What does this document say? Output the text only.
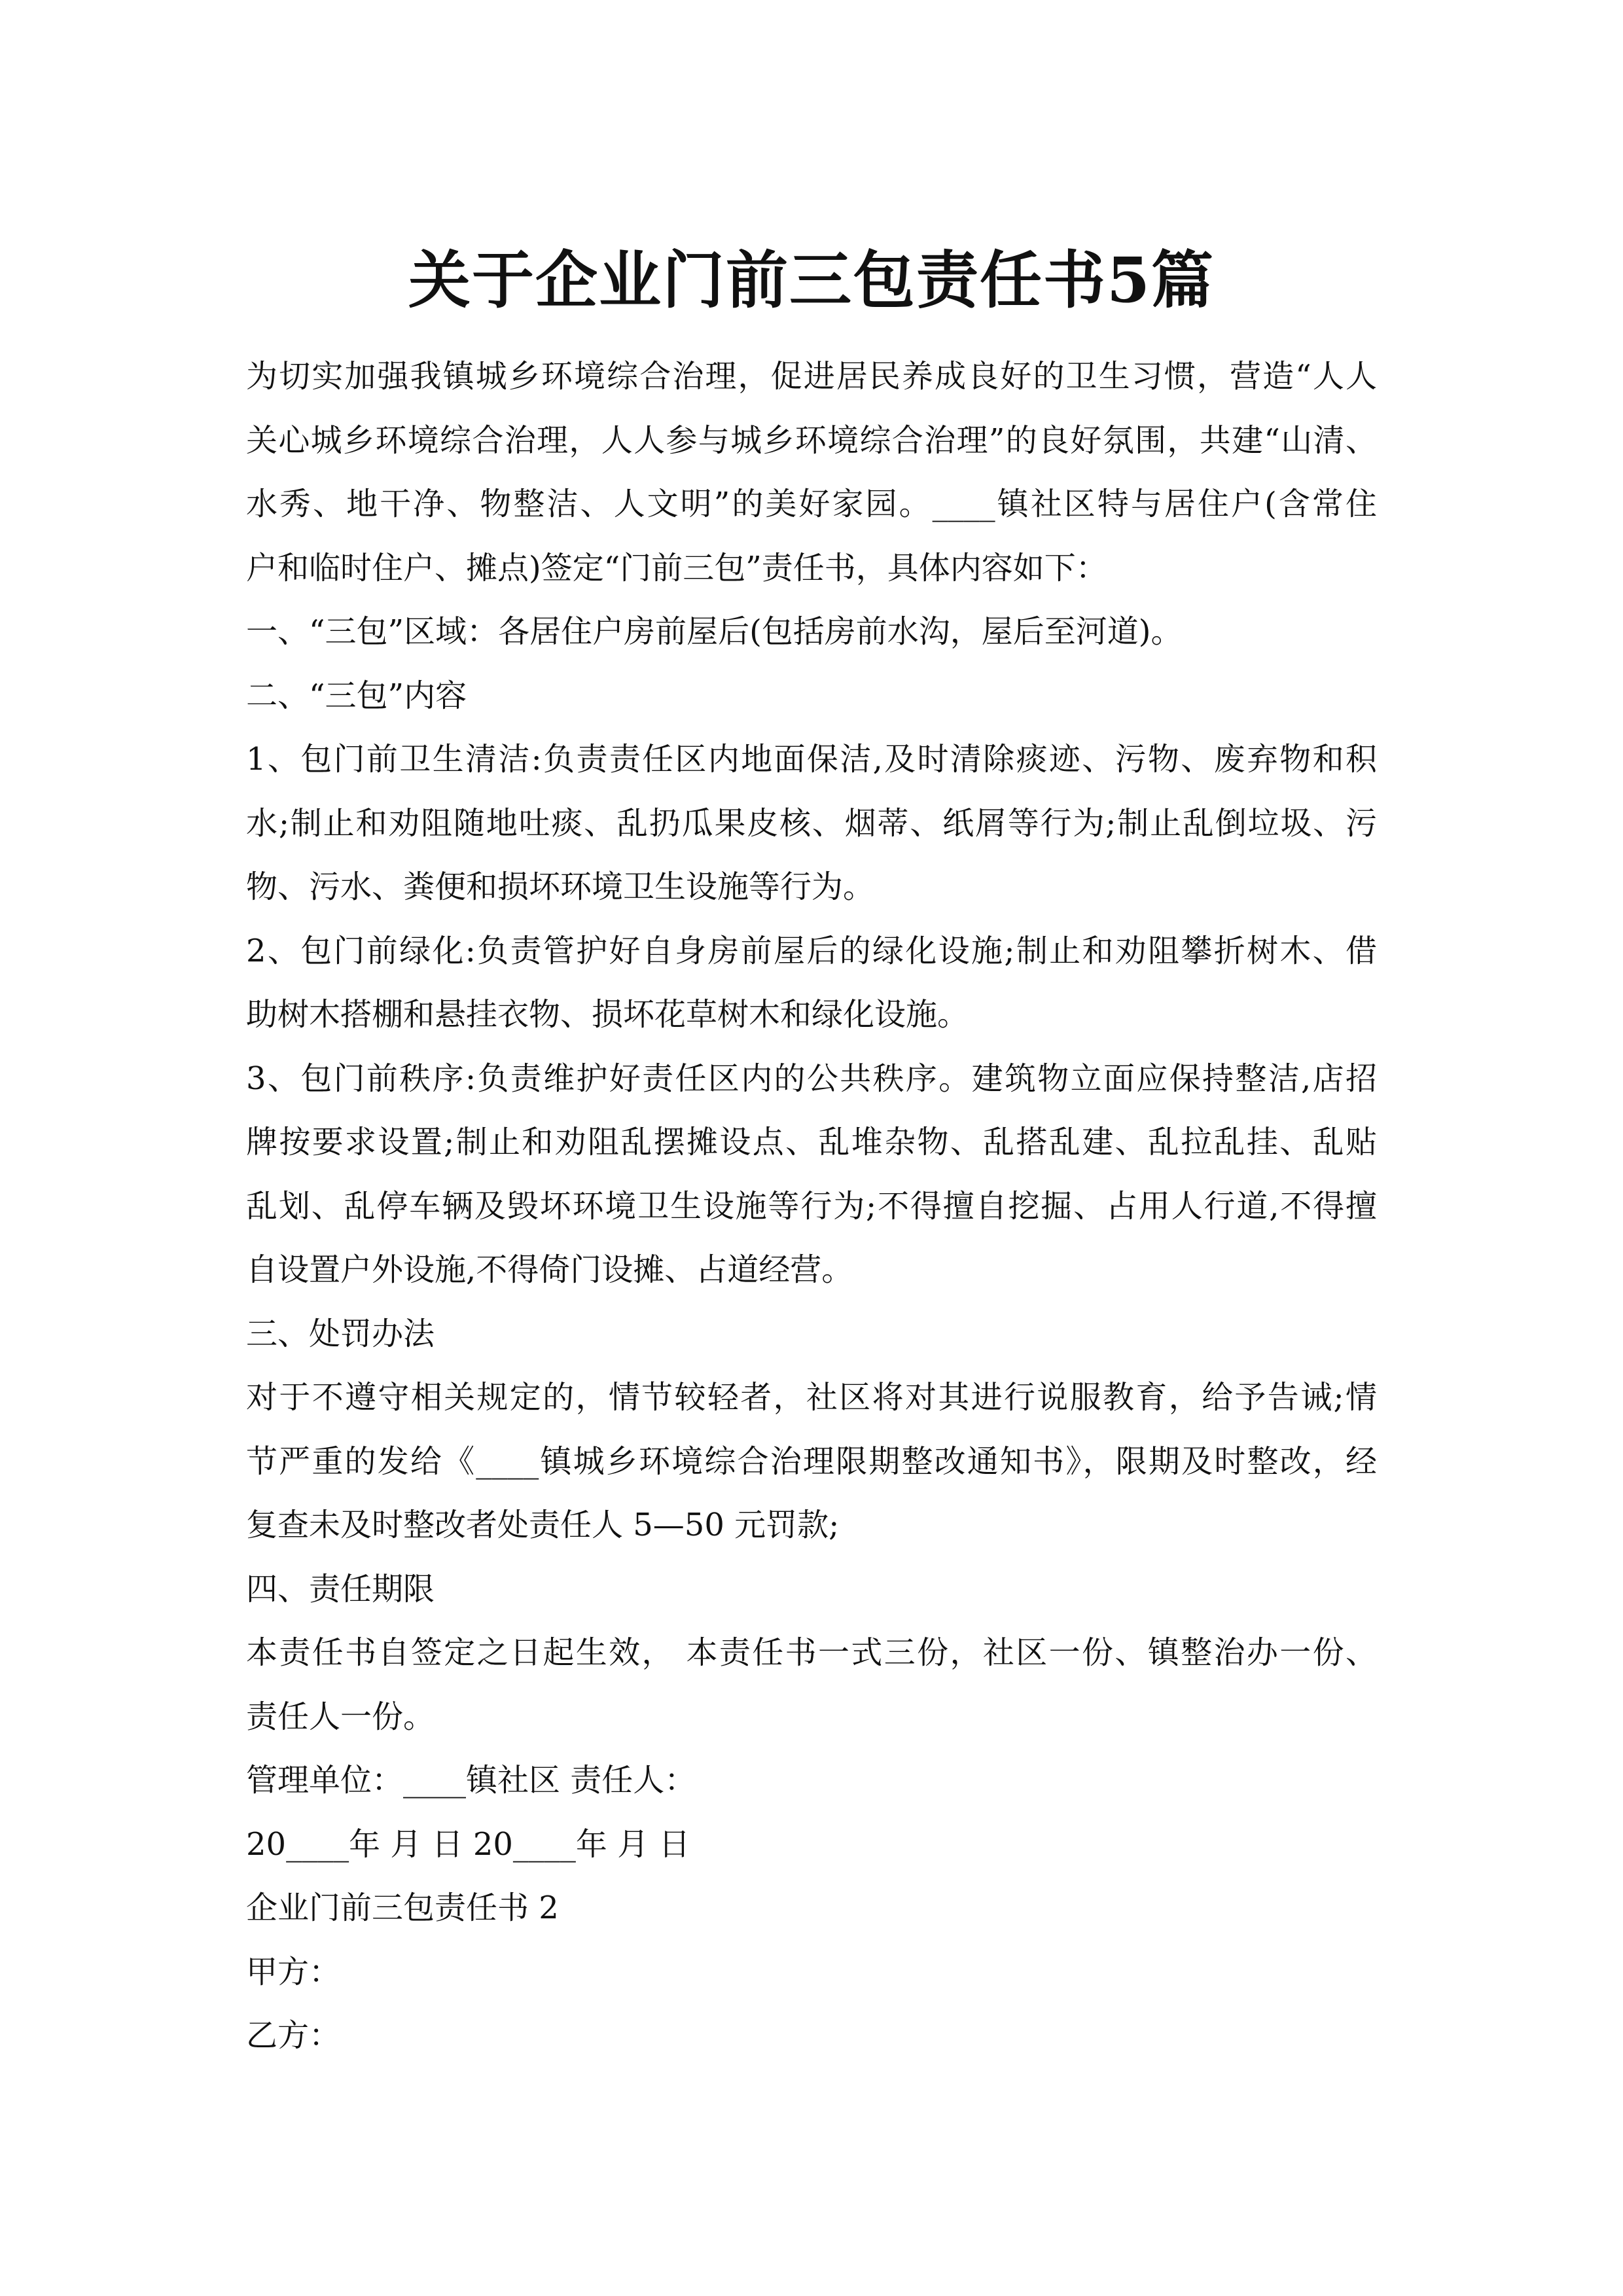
关于企业门前三包责任书5篇
为切实加强我镇城乡环境综合治理，促进居民养成良好的卫生习惯，营造“人人
关心城乡环境综合治理，人人参与城乡环境综合治理”的良好氛围，共建“山清、
水秀、地干净、物整洁、人文明”的美好家园。____镇社区特与居住户(含常住
户和临时住户、摊点)签定“门前三包”责任书，具体内容如下：
一、“三包”区域：各居住户房前屋后(包括房前水沟，屋后至河道)。
二、“三包”内容
1、包门前卫生清洁:负责责任区内地面保洁,及时清除痰迹、污物、废弃物和积
水;制止和劝阻随地吐痰、乱扔瓜果皮核、烟蒂、纸屑等行为;制止乱倒垃圾、污
物、污水、粪便和损坏环境卫生设施等行为。
2、包门前绿化:负责管护好自身房前屋后的绿化设施;制止和劝阻攀折树木、借
助树木搭棚和悬挂衣物、损坏花草树木和绿化设施。
3、包门前秩序:负责维护好责任区内的公共秩序。建筑物立面应保持整洁,店招
牌按要求设置;制止和劝阻乱摆摊设点、乱堆杂物、乱搭乱建、乱拉乱挂、乱贴
乱划、乱停车辆及毁坏环境卫生设施等行为;不得擅自挖掘、占用人行道,不得擅
自设置户外设施,不得倚门设摊、占道经营。
三、处罚办法
对于不遵守相关规定的，情节较轻者，社区将对其进行说服教育，给予告诫;情
节严重的发给《____镇城乡环境综合治理限期整改通知书》，限期及时整改，经
复查未及时整改者处责任人 5—50 元罚款;
四、责任期限
本责任书自签定之日起生效， 本责任书一式三份，社区一份、镇整治办一份、
责任人一份。
管理单位：____镇社区 责任人：
20____年 月 日 20____年 月 日
企业门前三包责任书 2
甲方：
乙方：
